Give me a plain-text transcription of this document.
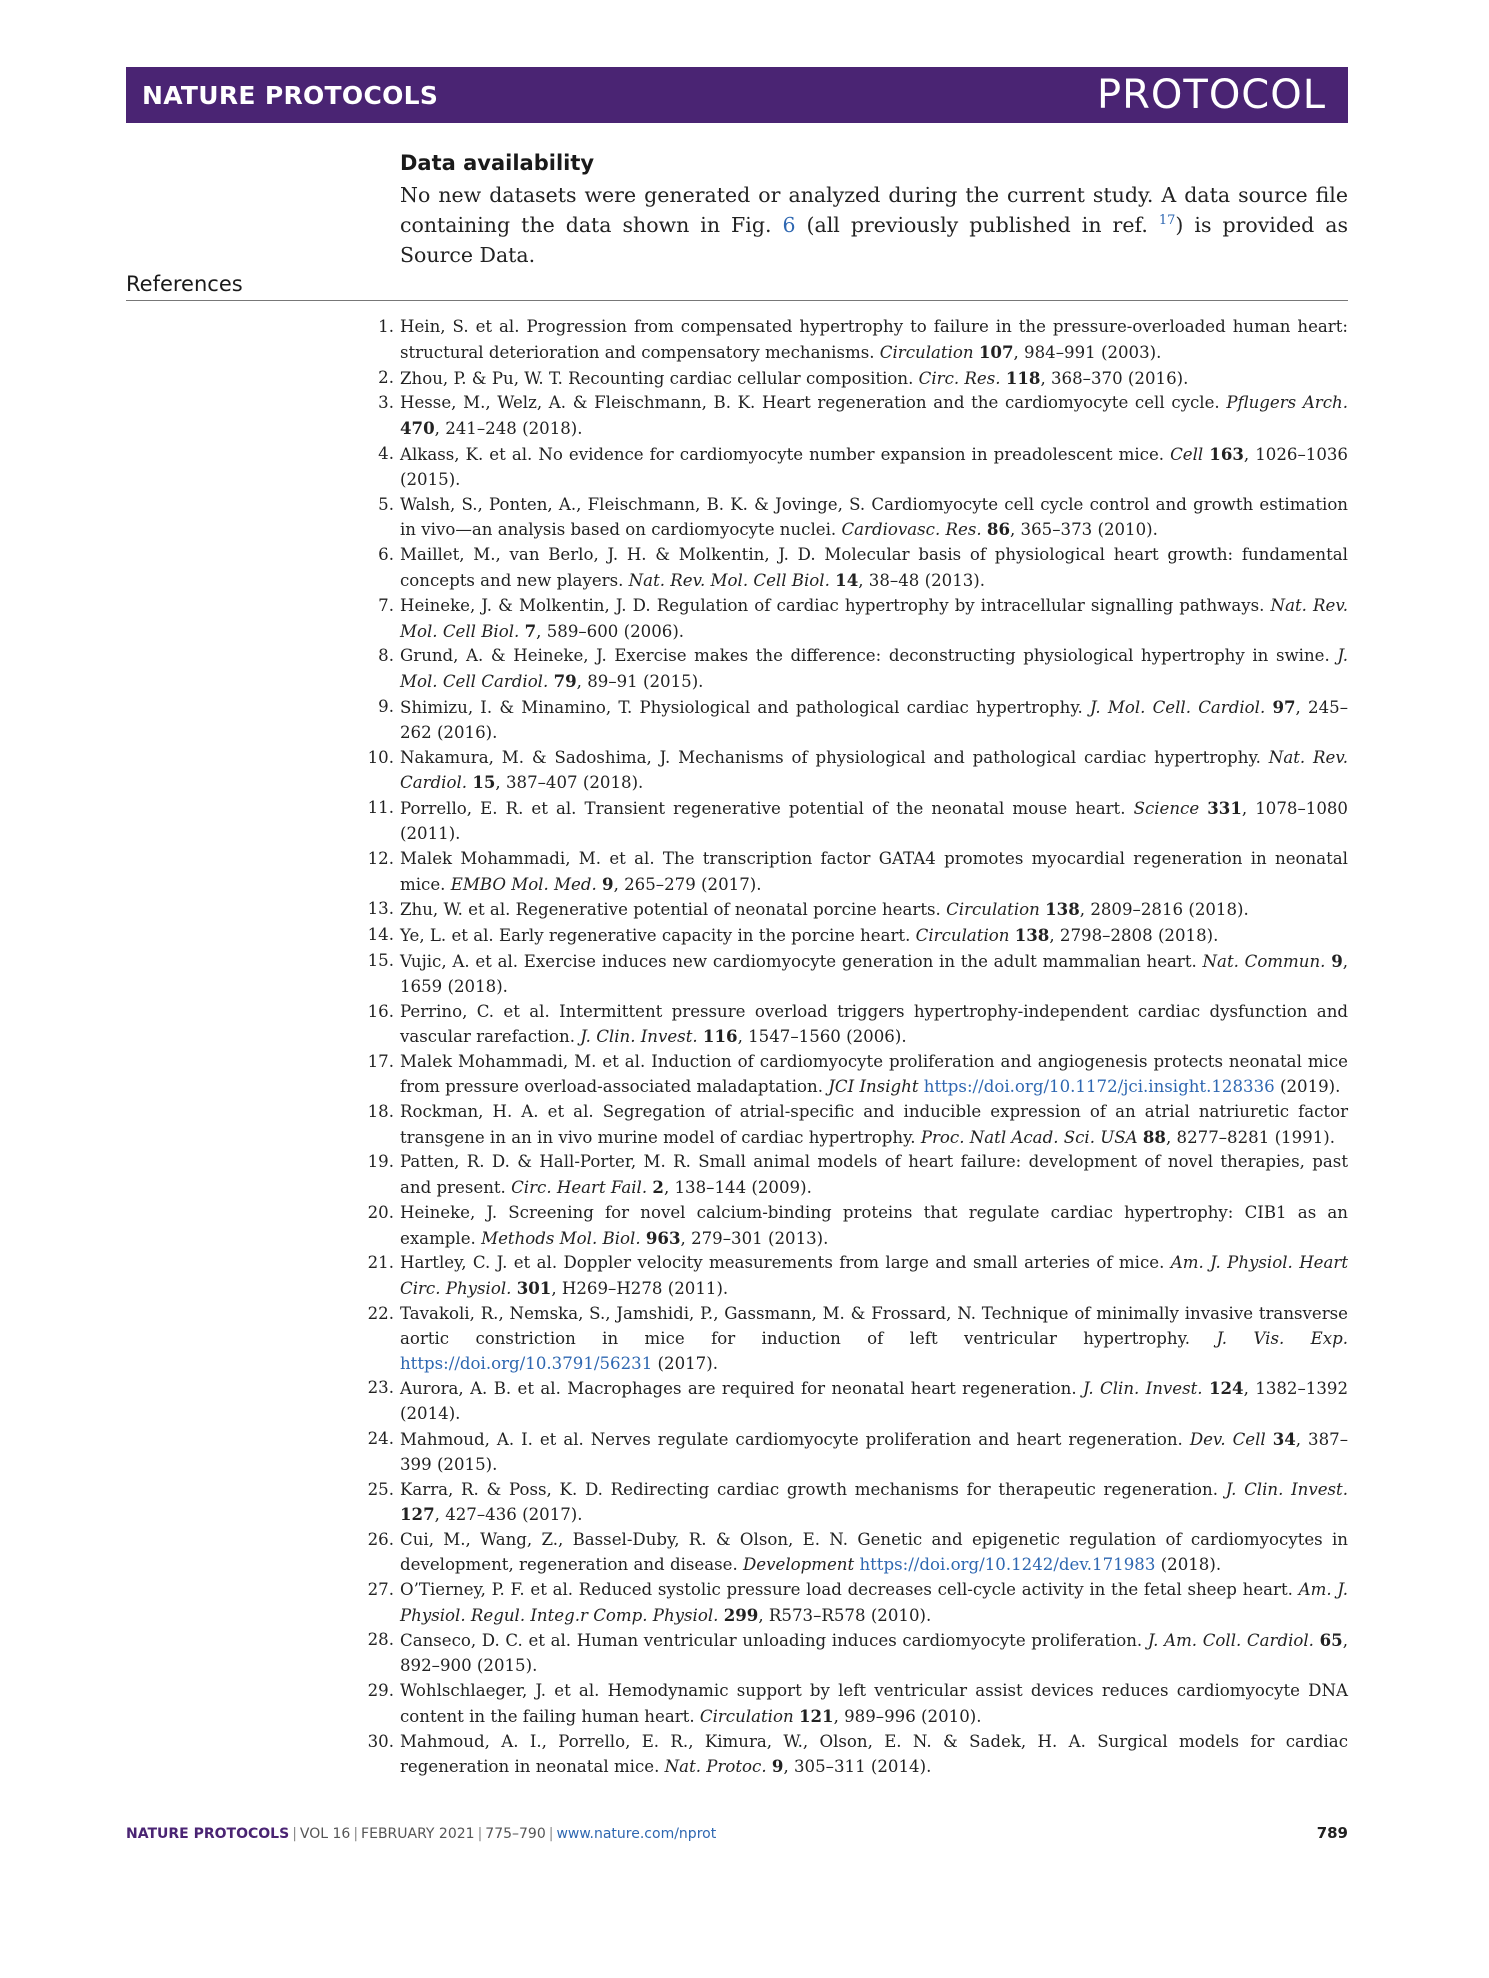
NATURE PROTOCOLS	PROTOCOL
Data availability
No new datasets were generated or analyzed during the current study. A data source file containing the data shown in Fig. 6 (all previously published in ref. $^{17}$) is provided as Source Data.
References
1. Hein, S. et al. Progression from compensated hypertrophy to failure in the pressure-overloaded human heart: structural deterioration and compensatory mechanisms. Circulation 107, 984–991 (2003).
2. Zhou, P. & Pu, W. T. Recounting cardiac cellular composition. Circ. Res. 118, 368–370 (2016).
3. Hesse, M., Welz, A. & Fleischmann, B. K. Heart regeneration and the cardiomyocyte cell cycle. Pflugers Arch. 470, 241–248 (2018).
4. Alkass, K. et al. No evidence for cardiomyocyte number expansion in preadolescent mice. Cell 163, 1026–1036 (2015).
5. Walsh, S., Ponten, A., Fleischmann, B. K. & Jovinge, S. Cardiomyocyte cell cycle control and growth estimation in vivo—an analysis based on cardiomyocyte nuclei. Cardiovasc. Res. 86, 365–373 (2010).
6. Maillet, M., van Berlo, J. H. & Molkentin, J. D. Molecular basis of physiological heart growth: fundamental concepts and new players. Nat. Rev. Mol. Cell Biol. 14, 38–48 (2013).
7. Heineke, J. & Molkentin, J. D. Regulation of cardiac hypertrophy by intracellular signalling pathways. Nat. Rev. Mol. Cell Biol. 7, 589–600 (2006).
8. Grund, A. & Heineke, J. Exercise makes the difference: deconstructing physiological hypertrophy in swine. J. Mol. Cell Cardiol. 79, 89–91 (2015).
9. Shimizu, I. & Minamino, T. Physiological and pathological cardiac hypertrophy. J. Mol. Cell. Cardiol. 97, 245–262 (2016).
10. Nakamura, M. & Sadoshima, J. Mechanisms of physiological and pathological cardiac hypertrophy. Nat. Rev. Cardiol. 15, 387–407 (2018).
11. Porrello, E. R. et al. Transient regenerative potential of the neonatal mouse heart. Science 331, 1078–1080 (2011).
12. Malek Mohammadi, M. et al. The transcription factor GATA4 promotes myocardial regeneration in neonatal mice. EMBO Mol. Med. 9, 265–279 (2017).
13. Zhu, W. et al. Regenerative potential of neonatal porcine hearts. Circulation 138, 2809–2816 (2018).
14. Ye, L. et al. Early regenerative capacity in the porcine heart. Circulation 138, 2798–2808 (2018).
15. Vujic, A. et al. Exercise induces new cardiomyocyte generation in the adult mammalian heart. Nat. Commun. 9, 1659 (2018).
16. Perrino, C. et al. Intermittent pressure overload triggers hypertrophy-independent cardiac dysfunction and vascular rarefaction. J. Clin. Invest. 116, 1547–1560 (2006).
17. Malek Mohammadi, M. et al. Induction of cardiomyocyte proliferation and angiogenesis protects neonatal mice from pressure overload-associated maladaptation. JCI Insight https://doi.org/10.1172/jci.insight.128336 (2019).
18. Rockman, H. A. et al. Segregation of atrial-specific and inducible expression of an atrial natriuretic factor transgene in an in vivo murine model of cardiac hypertrophy. Proc. Natl Acad. Sci. USA 88, 8277–8281 (1991).
19. Patten, R. D. & Hall-Porter, M. R. Small animal models of heart failure: development of novel therapies, past and present. Circ. Heart Fail. 2, 138–144 (2009).
20. Heineke, J. Screening for novel calcium-binding proteins that regulate cardiac hypertrophy: CIB1 as an example. Methods Mol. Biol. 963, 279–301 (2013).
21. Hartley, C. J. et al. Doppler velocity measurements from large and small arteries of mice. Am. J. Physiol. Heart Circ. Physiol. 301, H269–H278 (2011).
22. Tavakoli, R., Nemska, S., Jamshidi, P., Gassmann, M. & Frossard, N. Technique of minimally invasive transverse aortic constriction in mice for induction of left ventricular hypertrophy. J. Vis. Exp. https://doi.org/10.3791/56231 (2017).
23. Aurora, A. B. et al. Macrophages are required for neonatal heart regeneration. J. Clin. Invest. 124, 1382–1392 (2014).
24. Mahmoud, A. I. et al. Nerves regulate cardiomyocyte proliferation and heart regeneration. Dev. Cell 34, 387–399 (2015).
25. Karra, R. & Poss, K. D. Redirecting cardiac growth mechanisms for therapeutic regeneration. J. Clin. Invest. 127, 427–436 (2017).
26. Cui, M., Wang, Z., Bassel-Duby, R. & Olson, E. N. Genetic and epigenetic regulation of cardiomyocytes in development, regeneration and disease. Development https://doi.org/10.1242/dev.171983 (2018).
27. O’Tierney, P. F. et al. Reduced systolic pressure load decreases cell-cycle activity in the fetal sheep heart. Am. J. Physiol. Regul. Integ.r Comp. Physiol. 299, R573–R578 (2010).
28. Canseco, D. C. et al. Human ventricular unloading induces cardiomyocyte proliferation. J. Am. Coll. Cardiol. 65, 892–900 (2015).
29. Wohlschlaeger, J. et al. Hemodynamic support by left ventricular assist devices reduces cardiomyocyte DNA content in the failing human heart. Circulation 121, 989–996 (2010).
30. Mahmoud, A. I., Porrello, E. R., Kimura, W., Olson, E. N. & Sadek, H. A. Surgical models for cardiac regeneration in neonatal mice. Nat. Protoc. 9, 305–311 (2014).
NATURE PROTOCOLS | VOL 16 | FEBRUARY 2021 | 775–790 | www.nature.com/nprot	789
